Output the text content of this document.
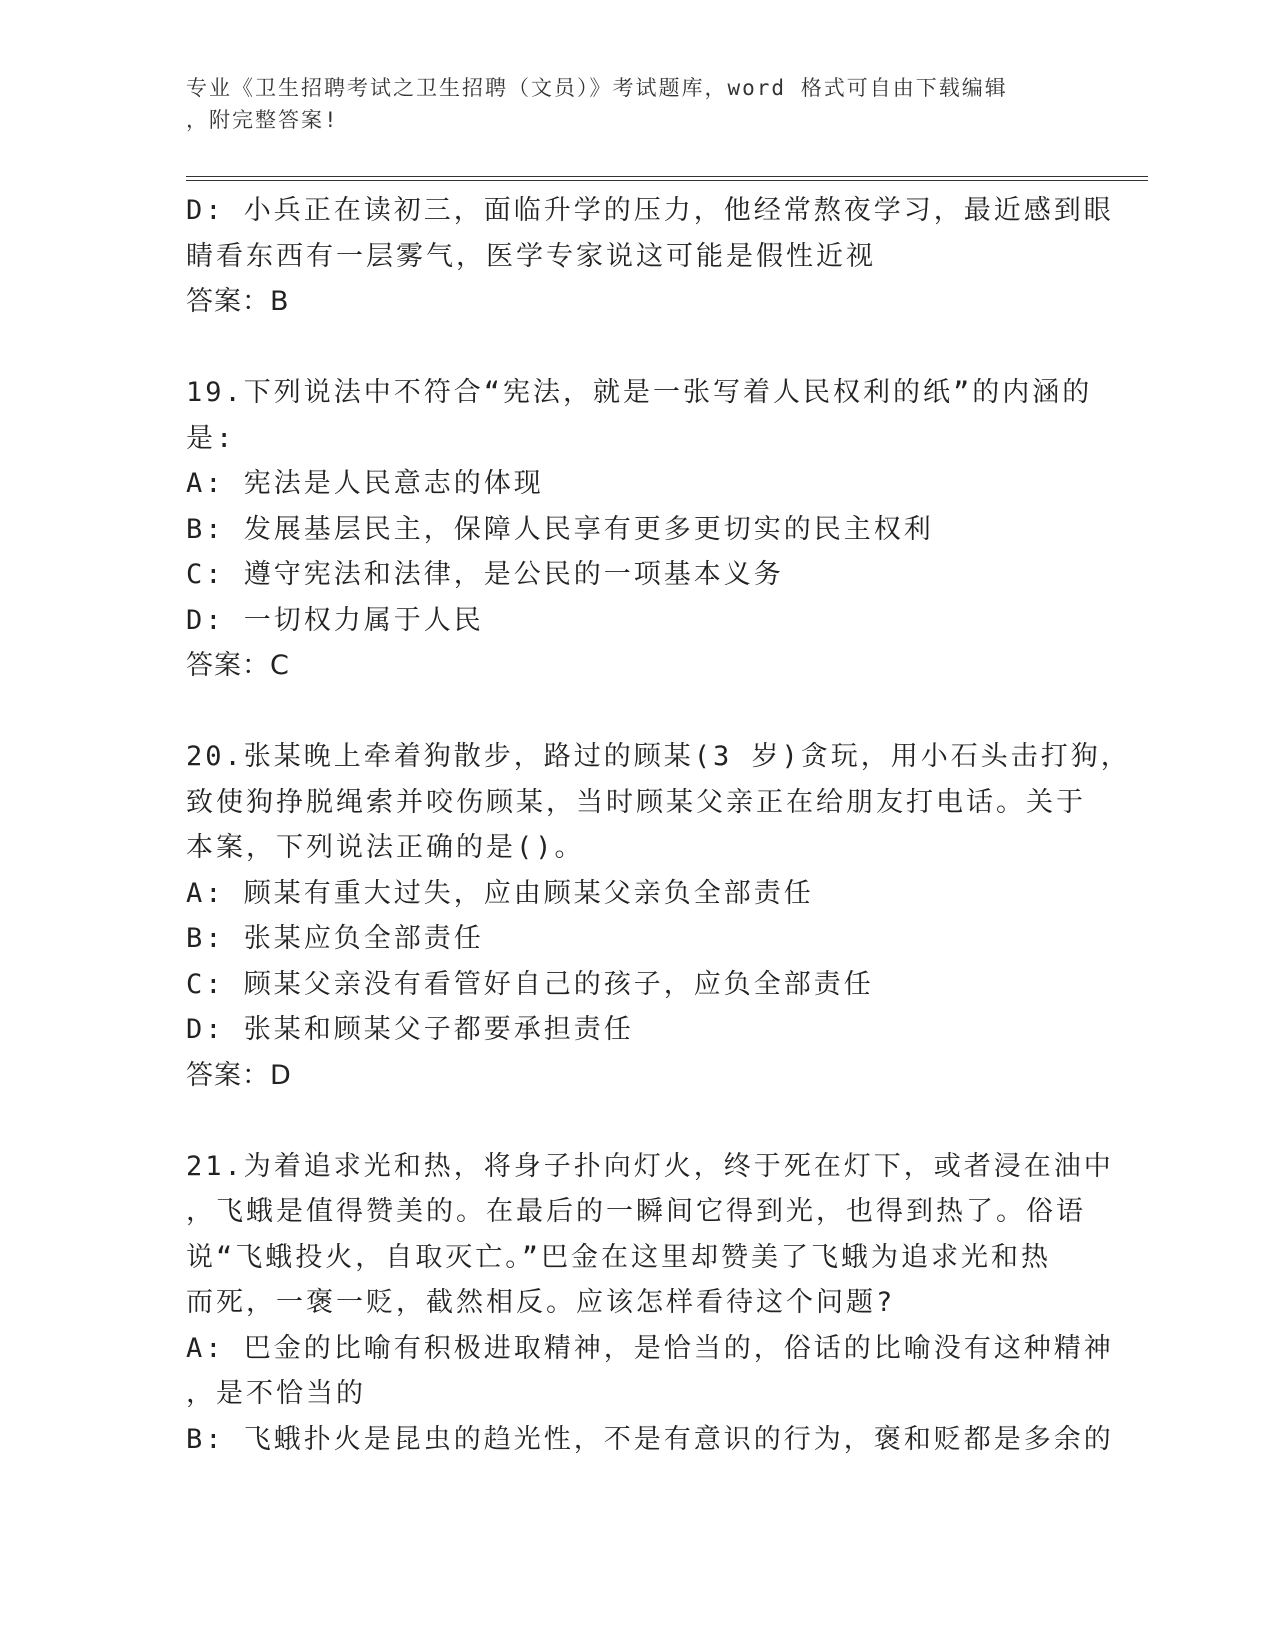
专业《卫生招聘考试之卫生招聘（文员）》考试题库，word 格式可自由下载编辑
，附完整答案!
D: 小兵正在读初三，面临升学的压力，他经常熬夜学习，最近感到眼
睛看东西有一层雾气，医学专家说这可能是假性近视
答案：B
19.下列说法中不符合“宪法，就是一张写着人民权利的纸”的内涵的
是:
A: 宪法是人民意志的体现
B: 发展基层民主，保障人民享有更多更切实的民主权利
C: 遵守宪法和法律，是公民的一项基本义务
D: 一切权力属于人民
答案：C
20.张某晚上牵着狗散步，路过的顾某(3 岁)贪玩，用小石头击打狗，
致使狗挣脱绳索并咬伤顾某，当时顾某父亲正在给朋友打电话。关于
本案，下列说法正确的是()。
A: 顾某有重大过失，应由顾某父亲负全部责任
B: 张某应负全部责任
C: 顾某父亲没有看管好自己的孩子，应负全部责任
D: 张某和顾某父子都要承担责任
答案：D
21.为着追求光和热，将身子扑向灯火，终于死在灯下，或者浸在油中
，飞蛾是值得赞美的。在最后的一瞬间它得到光，也得到热了。俗语
说“飞蛾投火，自取灭亡。”巴金在这里却赞美了飞蛾为追求光和热
而死，一褒一贬，截然相反。应该怎样看待这个问题?
A: 巴金的比喻有积极进取精神，是恰当的，俗话的比喻没有这种精神
，是不恰当的
B: 飞蛾扑火是昆虫的趋光性，不是有意识的行为，褒和贬都是多余的
